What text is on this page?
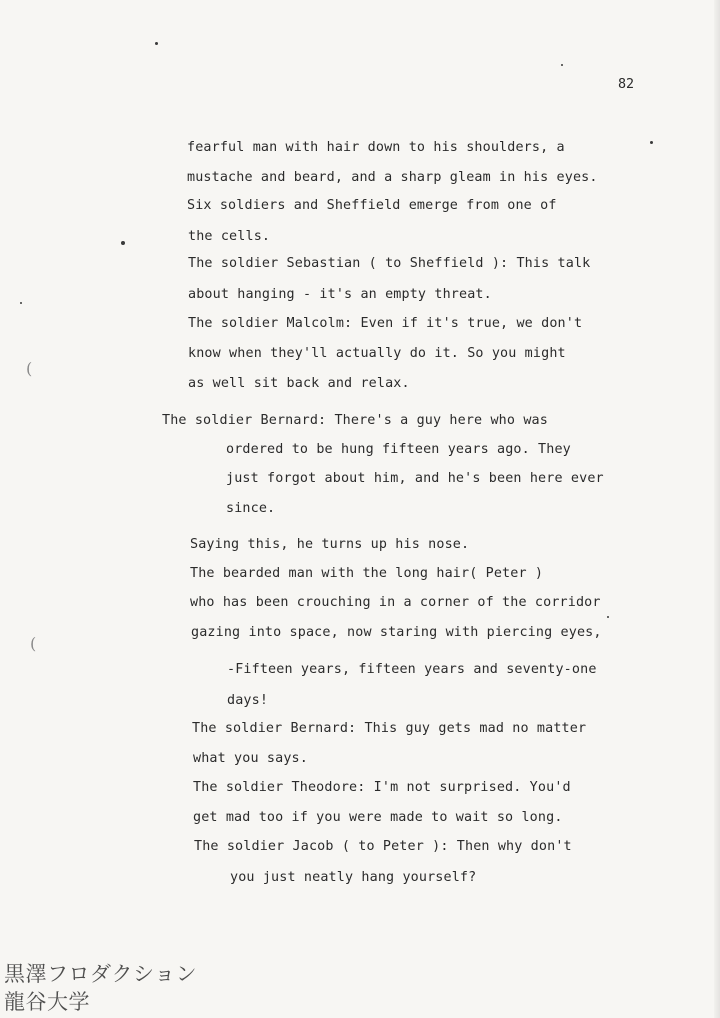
(
(
82
fearful man with hair down to his shoulders, a
mustache and beard, and a sharp gleam in his eyes.
Six soldiers and Sheffield emerge from one of
the cells.
The soldier Sebastian ( to Sheffield ): This talk
about hanging - it's an empty threat.
The soldier Malcolm: Even if it's true, we don't
know when they'll actually do it. So you might
as well sit back and relax.
The soldier Bernard: There's a guy here who was
ordered to be hung fifteen years ago. They
just forgot about him, and he's been here ever
since.
Saying this, he turns up his nose.
The bearded man with the long hair( Peter )
who has been crouching in a corner of the corridor
gazing into space, now staring with piercing eyes,
-Fifteen years, fifteen years and seventy-one
days!
The soldier Bernard: This guy gets mad no matter
what you says.
The soldier Theodore: I'm not surprised. You'd
get mad too if you were made to wait so long.
The soldier Jacob ( to Peter ): Then why don't
you just neatly hang yourself?
黒澤フロダクション
龍谷大学
